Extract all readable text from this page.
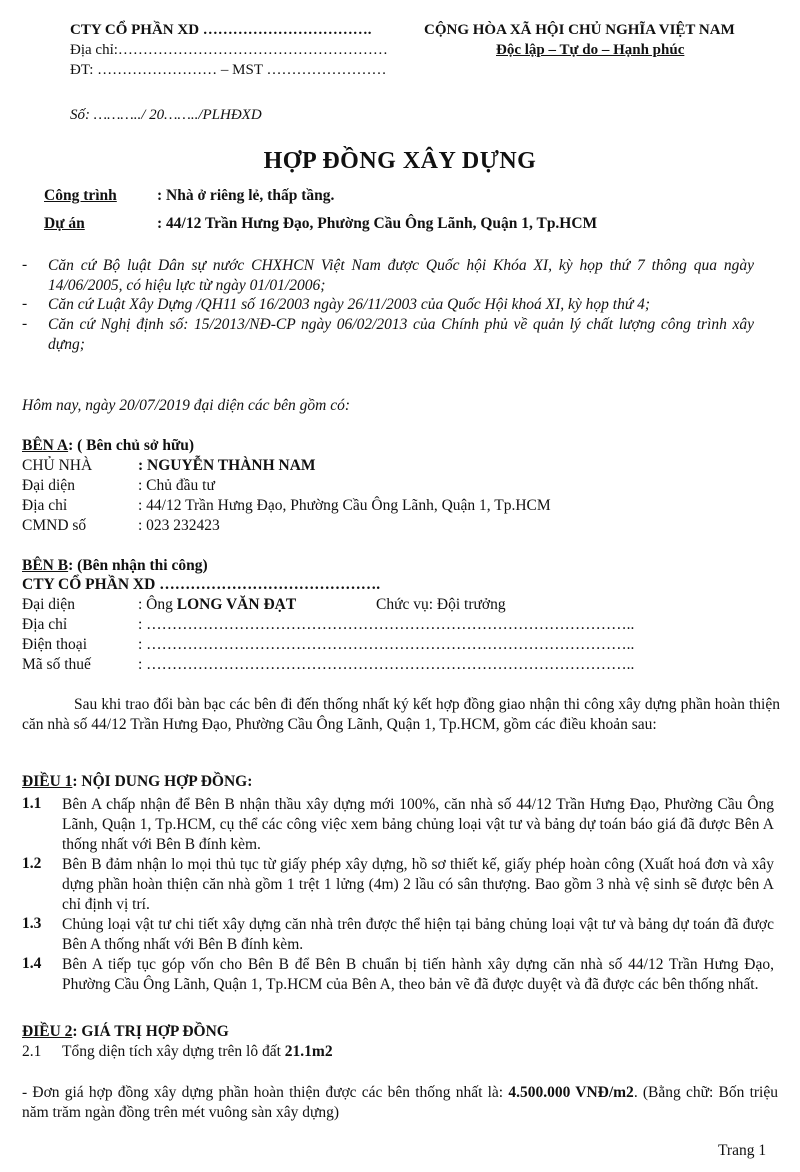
CTY CỔ PHẦN XD …………………………….
Địa chỉ:………………………………………………
ĐT: …………………… – MST ……………………
CỘNG HÒA XÃ HỘI CHỦ NGHĨA VIỆT NAM
Độc lập – Tự do – Hạnh phúc
Số: ………../ 20……../PLHĐXD
HỢP ĐỒNG XÂY DỰNG
Công trình	: Nhà ở riêng lẻ, thấp tầng.
Dự án	: 44/12 Trần Hưng Đạo, Phường Cầu Ông Lãnh, Quận 1, Tp.HCM
- Căn cứ Bộ luật Dân sự nước CHXHCN Việt Nam được Quốc hội Khóa XI, kỳ họp thứ 7 thông qua ngày 14/06/2005, có hiệu lực từ ngày 01/01/2006;
- Căn cứ Luật Xây Dựng /QH11 số 16/2003 ngày 26/11/2003 của Quốc Hội khoá XI, kỳ họp thứ 4;
- Căn cứ Nghị định số: 15/2013/NĐ-CP ngày 06/02/2013 của Chính phủ về quản lý chất lượng công trình xây dựng;
Hôm nay, ngày 20/07/2019 đại diện các bên gồm có:
BÊN A: ( Bên chủ sở hữu)
CHỦ NHÀ	: NGUYỄN THÀNH NAM
Đại diện	: Chủ đầu tư
Địa chỉ	: 44/12 Trần Hưng Đạo, Phường Cầu Ông Lãnh, Quận 1, Tp.HCM
CMND số	: 023 232423
BÊN B: (Bên nhận thi công)
CTY CỔ PHẦN XD …………………………………….
Đại diện	: Ông LONG VĂN ĐẠT	Chức vụ: Đội trưởng
Địa chỉ	: …………………………………………………………………………………..
Điện thoại	: …………………………………………………………………………………..
Mã số thuế	: …………………………………………………………………………………..
Sau khi trao đổi bàn bạc các bên đi đến thống nhất ký kết hợp đồng giao nhận thi công xây dựng phần hoàn thiện căn nhà số 44/12 Trần Hưng Đạo, Phường Cầu Ông Lãnh, Quận 1, Tp.HCM, gồm các điều khoản sau:
ĐIỀU 1: NỘI DUNG HỢP ĐỒNG:
1.1 Bên A chấp nhận để Bên B nhận thầu xây dựng mới 100%, căn nhà số 44/12 Trần Hưng Đạo, Phường Cầu Ông Lãnh, Quận 1, Tp.HCM, cụ thể các công việc xem bảng chủng loại vật tư và bảng dự toán báo giá đã được Bên A thống nhất với Bên B đính kèm.
1.2 Bên B đảm nhận lo mọi thủ tục từ giấy phép xây dựng, hồ sơ thiết kế, giấy phép hoàn công (Xuất hoá đơn và xây dựng phần hoàn thiện căn nhà gồm 1 trệt 1 lửng (4m) 2 lầu có sân thượng. Bao gồm 3 nhà vệ sinh sẽ được bên A chỉ định vị trí.
1.3 Chủng loại vật tư chi tiết xây dựng căn nhà trên được thể hiện tại bảng chủng loại vật tư và bảng dự toán đã được Bên A thống nhất với Bên B đính kèm.
1.4 Bên A tiếp tục góp vốn cho Bên B để Bên B chuẩn bị tiến hành xây dựng căn nhà số 44/12 Trần Hưng Đạo, Phường Cầu Ông Lãnh, Quận 1, Tp.HCM của Bên A, theo bản vẽ đã được duyệt và đã được các bên thống nhất.
ĐIỀU 2: GIÁ TRỊ HỢP ĐỒNG
2.1 Tổng diện tích xây dựng trên lô đất 21.1m2
- Đơn giá hợp đồng xây dựng phần hoàn thiện được các bên thống nhất là: 4.500.000 VNĐ/m2. (Bằng chữ: Bốn triệu năm trăm ngàn đồng trên mét vuông sàn xây dựng)
Trang 1
